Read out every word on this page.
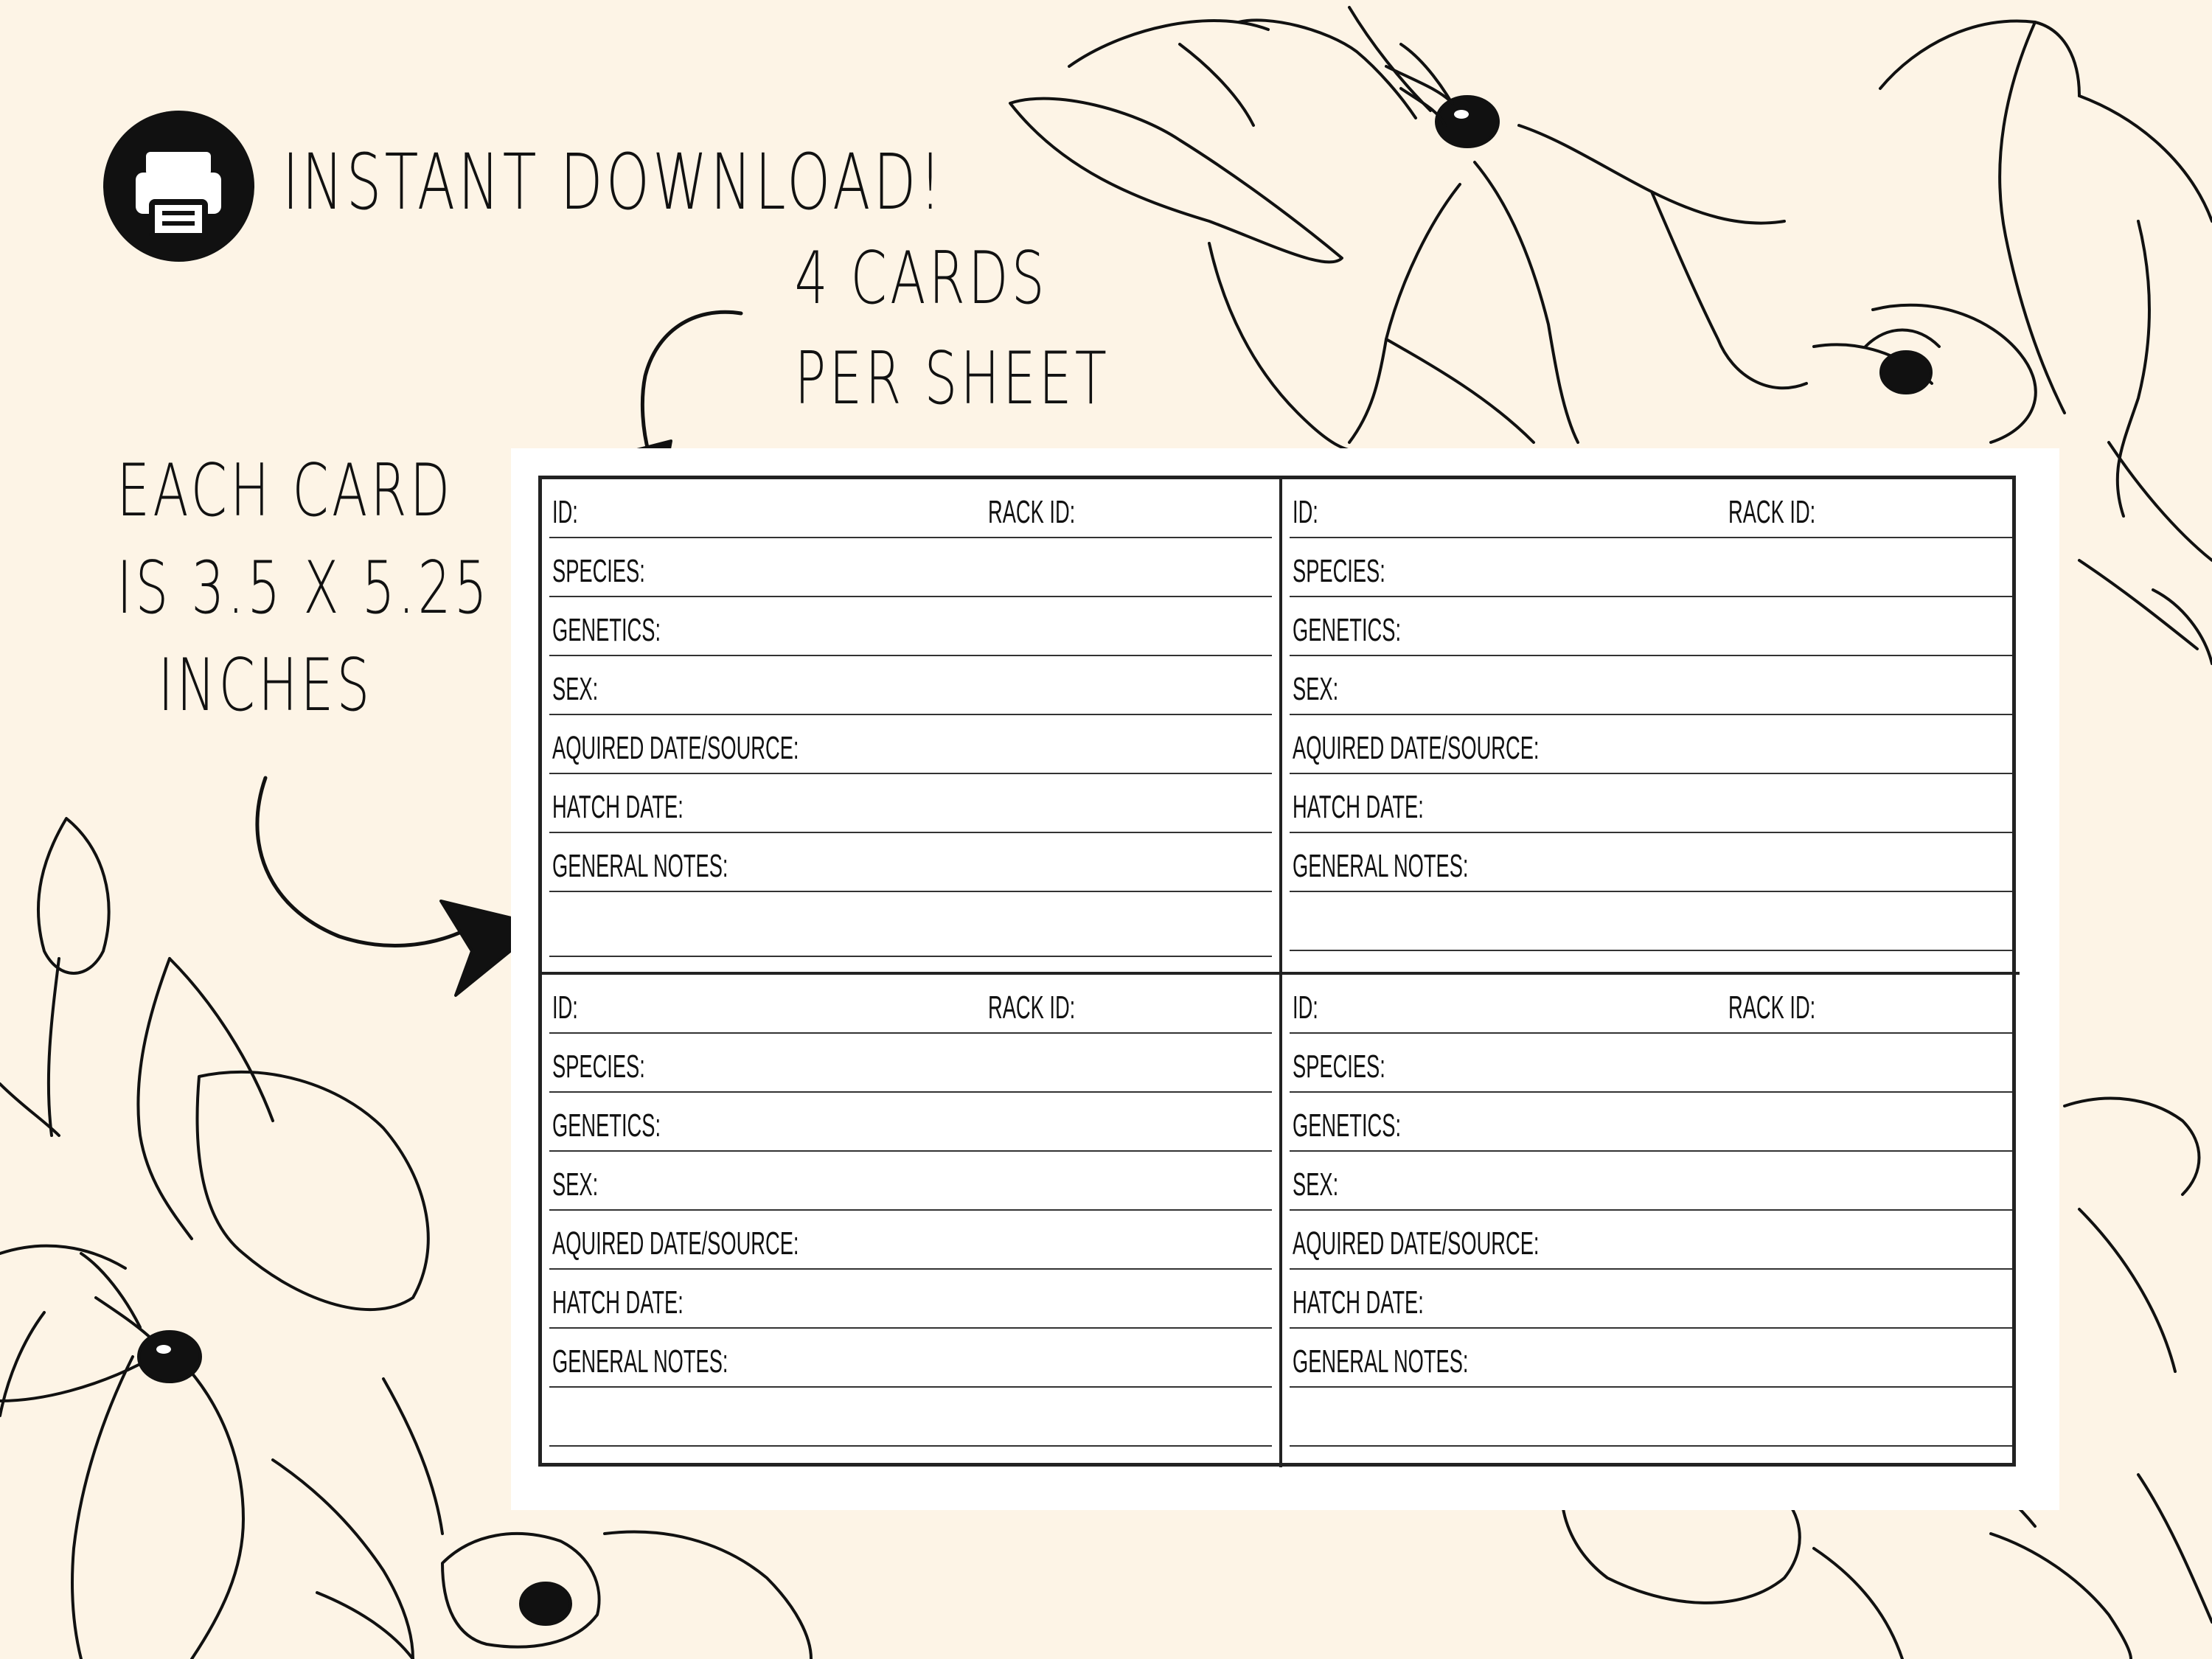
INSTANT DOWNLOAD!
4 CARDS
PER SHEET
EACH CARD
IS 3.5 X 5.25
INCHES
ID:	RACK ID:
SPECIES:
GENETICS:
SEX:
AQUIRED DATE/SOURCE:
HATCH DATE:
GENERAL NOTES:
ID:	RACK ID:
SPECIES:
GENETICS:
SEX:
AQUIRED DATE/SOURCE:
HATCH DATE:
GENERAL NOTES:
ID:	RACK ID:
SPECIES:
GENETICS:
SEX:
AQUIRED DATE/SOURCE:
HATCH DATE:
GENERAL NOTES:
ID:	RACK ID:
SPECIES:
GENETICS:
SEX:
AQUIRED DATE/SOURCE:
HATCH DATE:
GENERAL NOTES:
